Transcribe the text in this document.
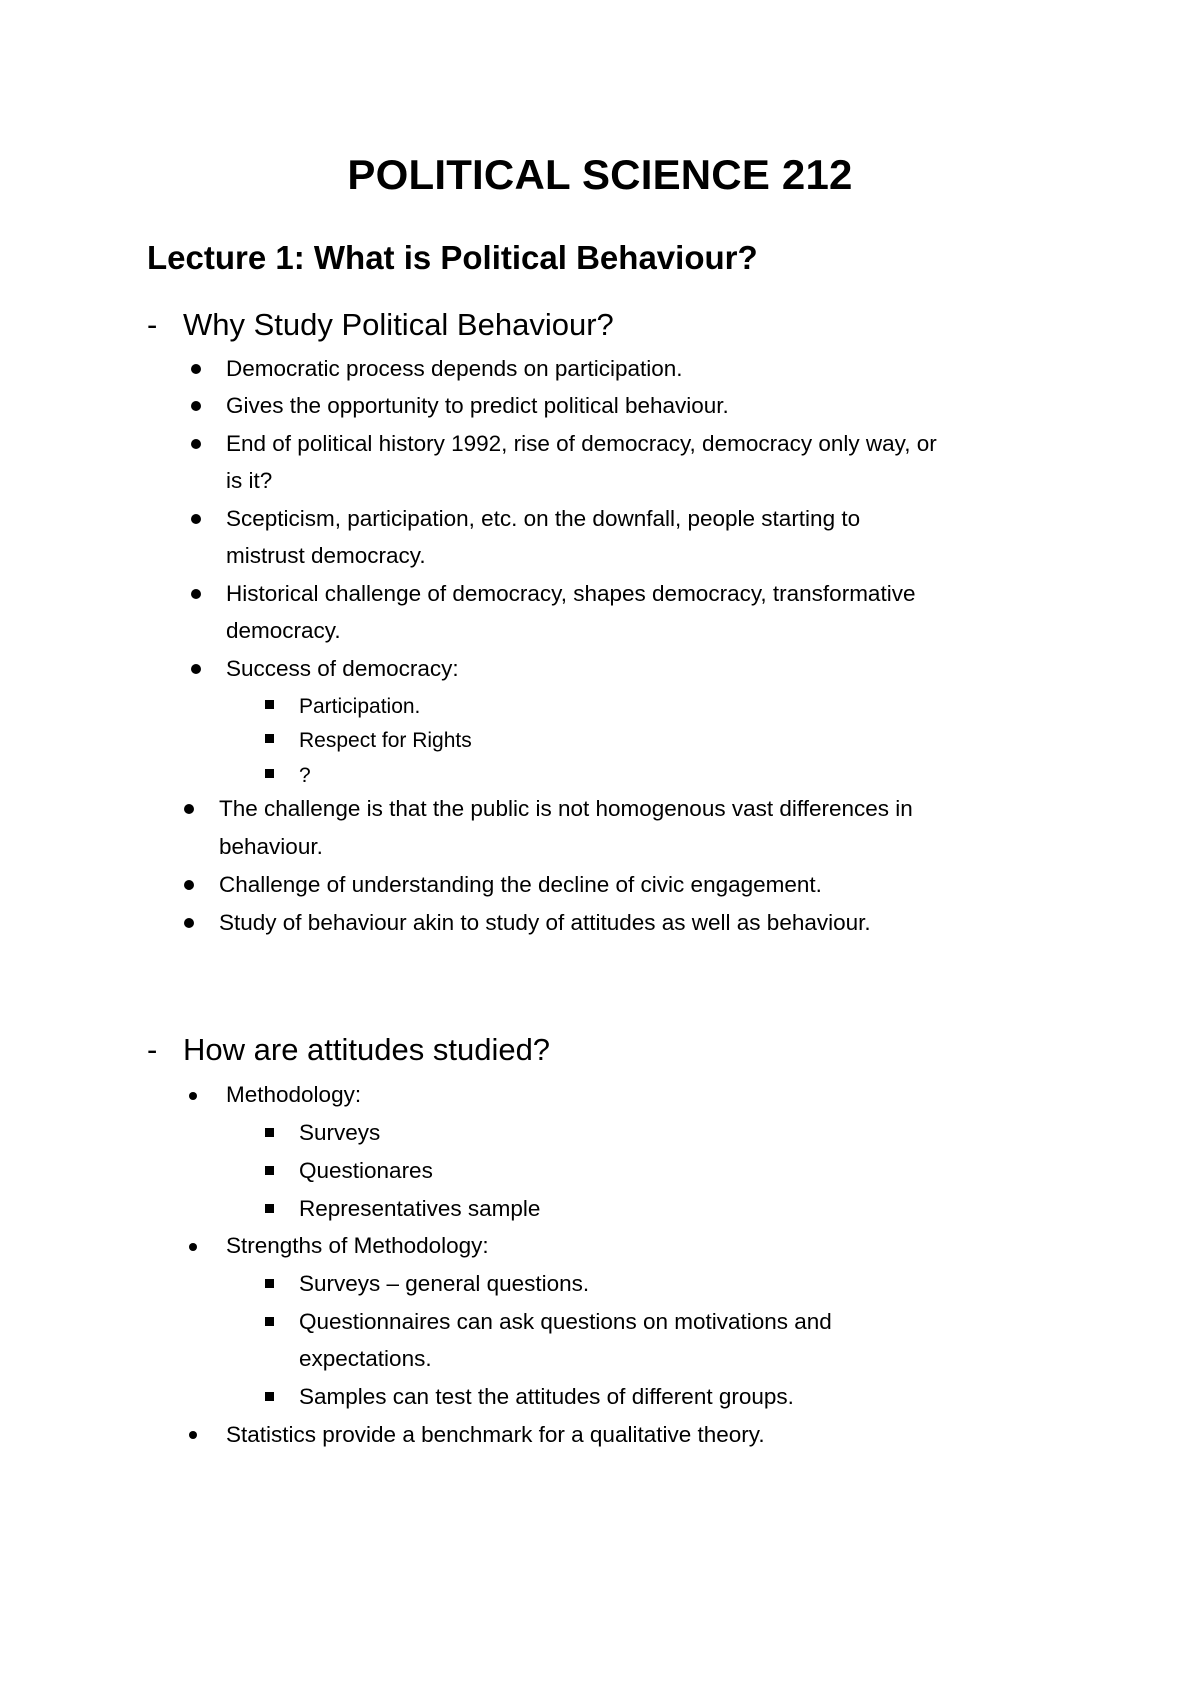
POLITICAL SCIENCE 212
Lecture 1: What is Political Behaviour?
- Why Study Political Behaviour?
Democratic process depends on participation.
Gives the opportunity to predict political behaviour.
End of political history 1992, rise of democracy, democracy only way, or
is it?
Scepticism, participation, etc. on the downfall, people starting to
mistrust democracy.
Historical challenge of democracy, shapes democracy, transformative
democracy.
Success of democracy:
Participation.
Respect for Rights
?
The challenge is that the public is not homogenous vast differences in
behaviour.
Challenge of understanding the decline of civic engagement.
Study of behaviour akin to study of attitudes as well as behaviour.
- How are attitudes studied?
Methodology:
Surveys
Questionares
Representatives sample
Strengths of Methodology:
Surveys – general questions.
Questionnaires can ask questions on motivations and
expectations.
Samples can test the attitudes of different groups.
Statistics provide a benchmark for a qualitative theory.
